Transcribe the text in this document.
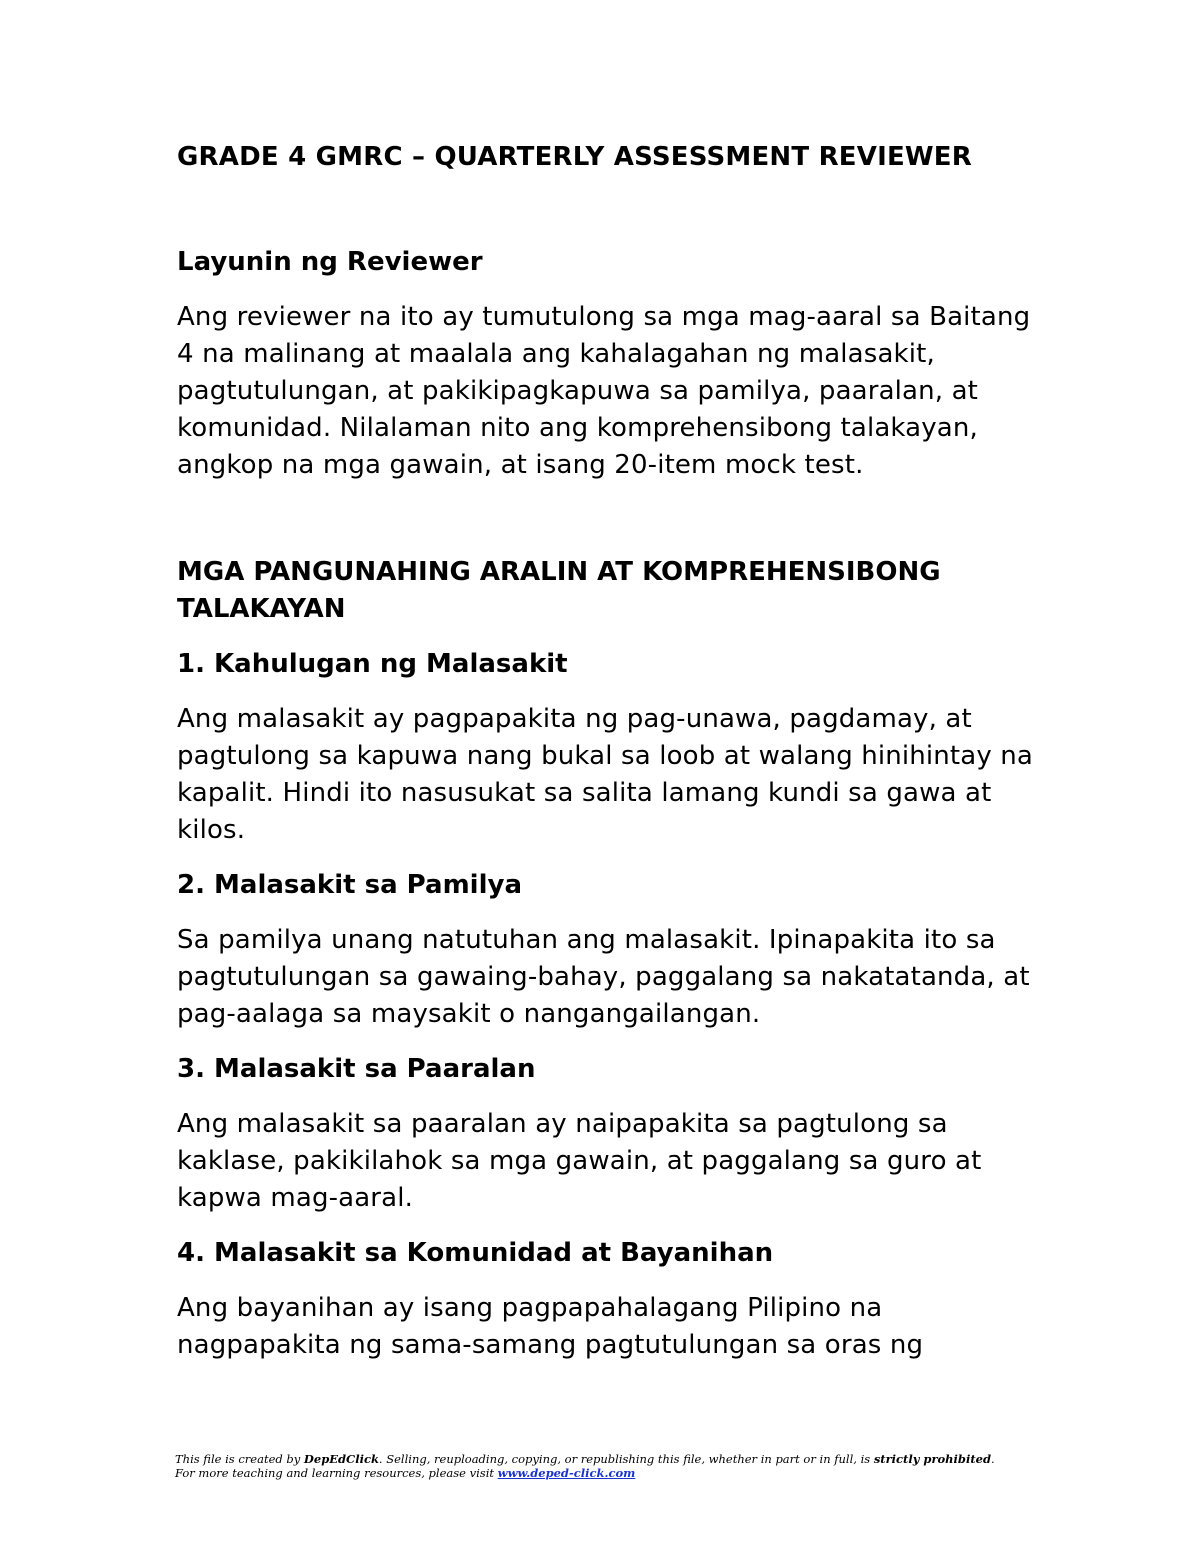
GRADE 4 GMRC – QUARTERLY ASSESSMENT REVIEWER
Layunin ng Reviewer

Ang reviewer na ito ay tumutulong sa mga mag-aaral sa Baitang 4 na malinang at maalala ang kahalagahan ng malasakit, pagtutulungan, at pakikipagkapuwa sa pamilya, paaralan, at komunidad. Nilalaman nito ang komprehensibong talakayan, angkop na mga gawain, at isang 20-item mock test.

MGA PANGUNAHING ARALIN AT KOMPREHENSIBONG TALAKAYAN
1. Kahulugan ng Malasakit

Ang malasakit ay pagpapakita ng pag-unawa, pagdamay, at pagtulong sa kapuwa nang bukal sa loob at walang hinihintay na kapalit. Hindi ito nasusukat sa salita lamang kundi sa gawa at kilos.

2. Malasakit sa Pamilya

Sa pamilya unang natutuhan ang malasakit. Ipinapakita ito sa pagtutulungan sa gawaing-bahay, paggalang sa nakatatanda, at pag-aalaga sa maysakit o nangangailangan.

3. Malasakit sa Paaralan

Ang malasakit sa paaralan ay naipapakita sa pagtulong sa kaklase, pakikilahok sa mga gawain, at paggalang sa guro at kapwa mag-aaral.

4. Malasakit sa Komunidad at Bayanihan

Ang bayanihan ay isang pagpapahalagang Pilipino na nagpapakita ng sama-samang pagtutulungan sa oras ng

This file is created by DepEdClick. Selling, reuploading, copying, or republishing this file, whether in part or in full, is strictly prohibited.
For more teaching and learning resources, please visit www.deped-click.com
